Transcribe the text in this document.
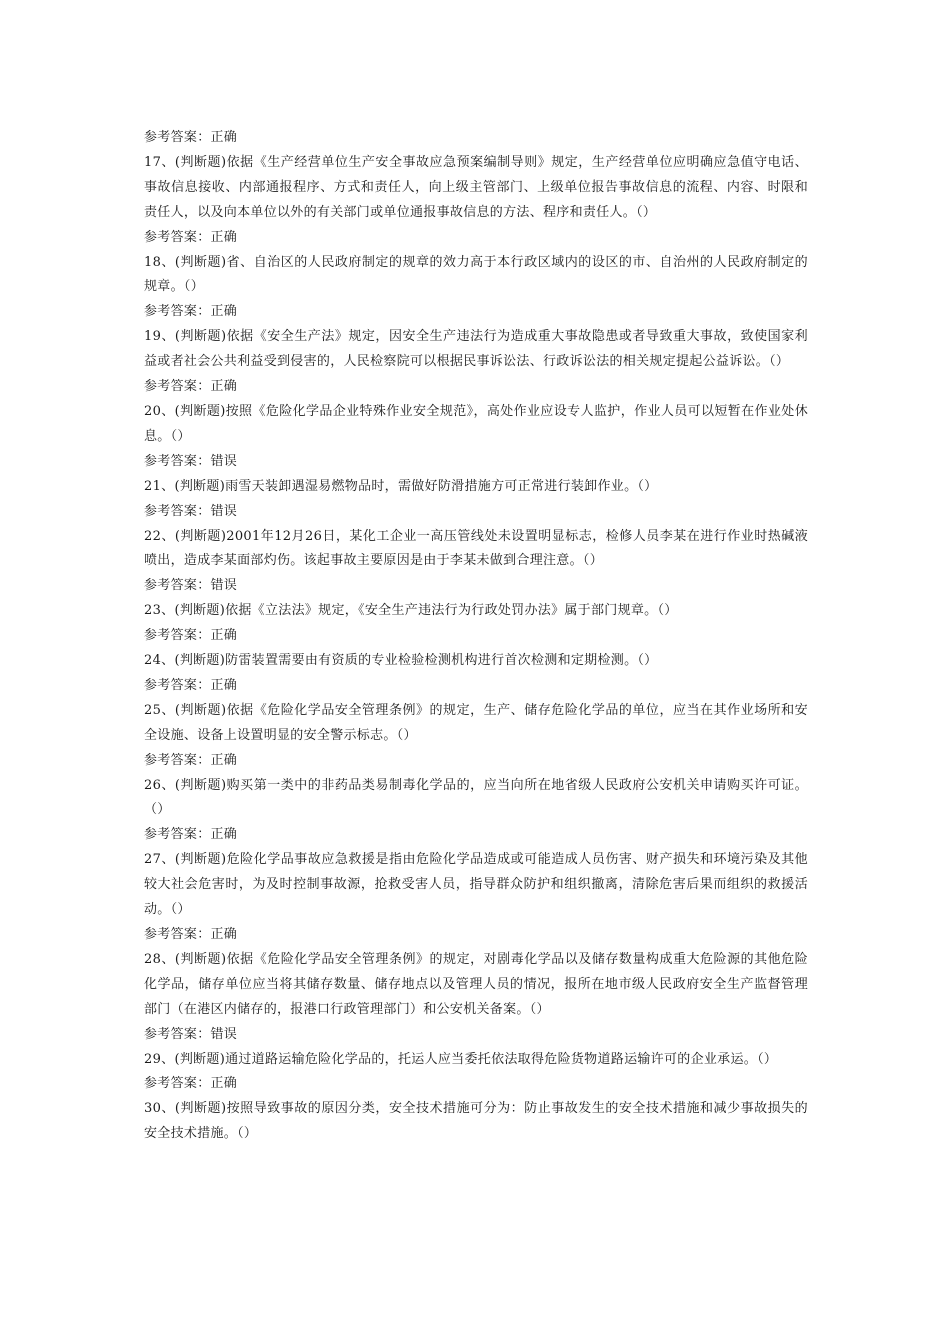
参考答案：正确
17、(判断题)依据《生产经营单位生产安全事故应急预案编制导则》规定，生产经营单位应明确应急值守电话、事故信息接收、内部通报程序、方式和责任人，向上级主管部门、上级单位报告事故信息的流程、内容、时限和责任人，以及向本单位以外的有关部门或单位通报事故信息的方法、程序和责任人。（）
参考答案：正确
18、(判断题)省、自治区的人民政府制定的规章的效力高于本行政区域内的设区的市、自治州的人民政府制定的规章。（）
参考答案：正确
19、(判断题)依据《安全生产法》规定，因安全生产违法行为造成重大事故隐患或者导致重大事故，致使国家利益或者社会公共利益受到侵害的，人民检察院可以根据民事诉讼法、行政诉讼法的相关规定提起公益诉讼。（）
参考答案：正确
20、(判断题)按照《危险化学品企业特殊作业安全规范》，高处作业应设专人监护，作业人员可以短暂在作业处休息。（）
参考答案：错误
21、(判断题)雨雪天装卸遇湿易燃物品时，需做好防滑措施方可正常进行装卸作业。（）
参考答案：错误
22、(判断题)2001年12月26日，某化工企业一高压管线处未设置明显标志，检修人员李某在进行作业时热碱液喷出，造成李某面部灼伤。该起事故主要原因是由于李某未做到合理注意。（）
参考答案：错误
23、(判断题)依据《立法法》规定，《安全生产违法行为行政处罚办法》属于部门规章。（）
参考答案：正确
24、(判断题)防雷装置需要由有资质的专业检验检测机构进行首次检测和定期检测。（）
参考答案：正确
25、(判断题)依据《危险化学品安全管理条例》的规定，生产、储存危险化学品的单位，应当在其作业场所和安全设施、设备上设置明显的安全警示标志。（）
参考答案：正确
26、(判断题)购买第一类中的非药品类易制毒化学品的，应当向所在地省级人民政府公安机关申请购买许可证。（）
参考答案：正确
27、(判断题)危险化学品事故应急救援是指由危险化学品造成或可能造成人员伤害、财产损失和环境污染及其他较大社会危害时，为及时控制事故源，抢救受害人员，指导群众防护和组织撤离，清除危害后果而组织的救援活动。（）
参考答案：正确
28、(判断题)依据《危险化学品安全管理条例》的规定，对剧毒化学品以及储存数量构成重大危险源的其他危险化学品，储存单位应当将其储存数量、储存地点以及管理人员的情况，报所在地市级人民政府安全生产监督管理部门（在港区内储存的，报港口行政管理部门）和公安机关备案。（）
参考答案：错误
29、(判断题)通过道路运输危险化学品的，托运人应当委托依法取得危险货物道路运输许可的企业承运。（）
参考答案：正确
30、(判断题)按照导致事故的原因分类，安全技术措施可分为：防止事故发生的安全技术措施和减少事故损失的安全技术措施。（）
